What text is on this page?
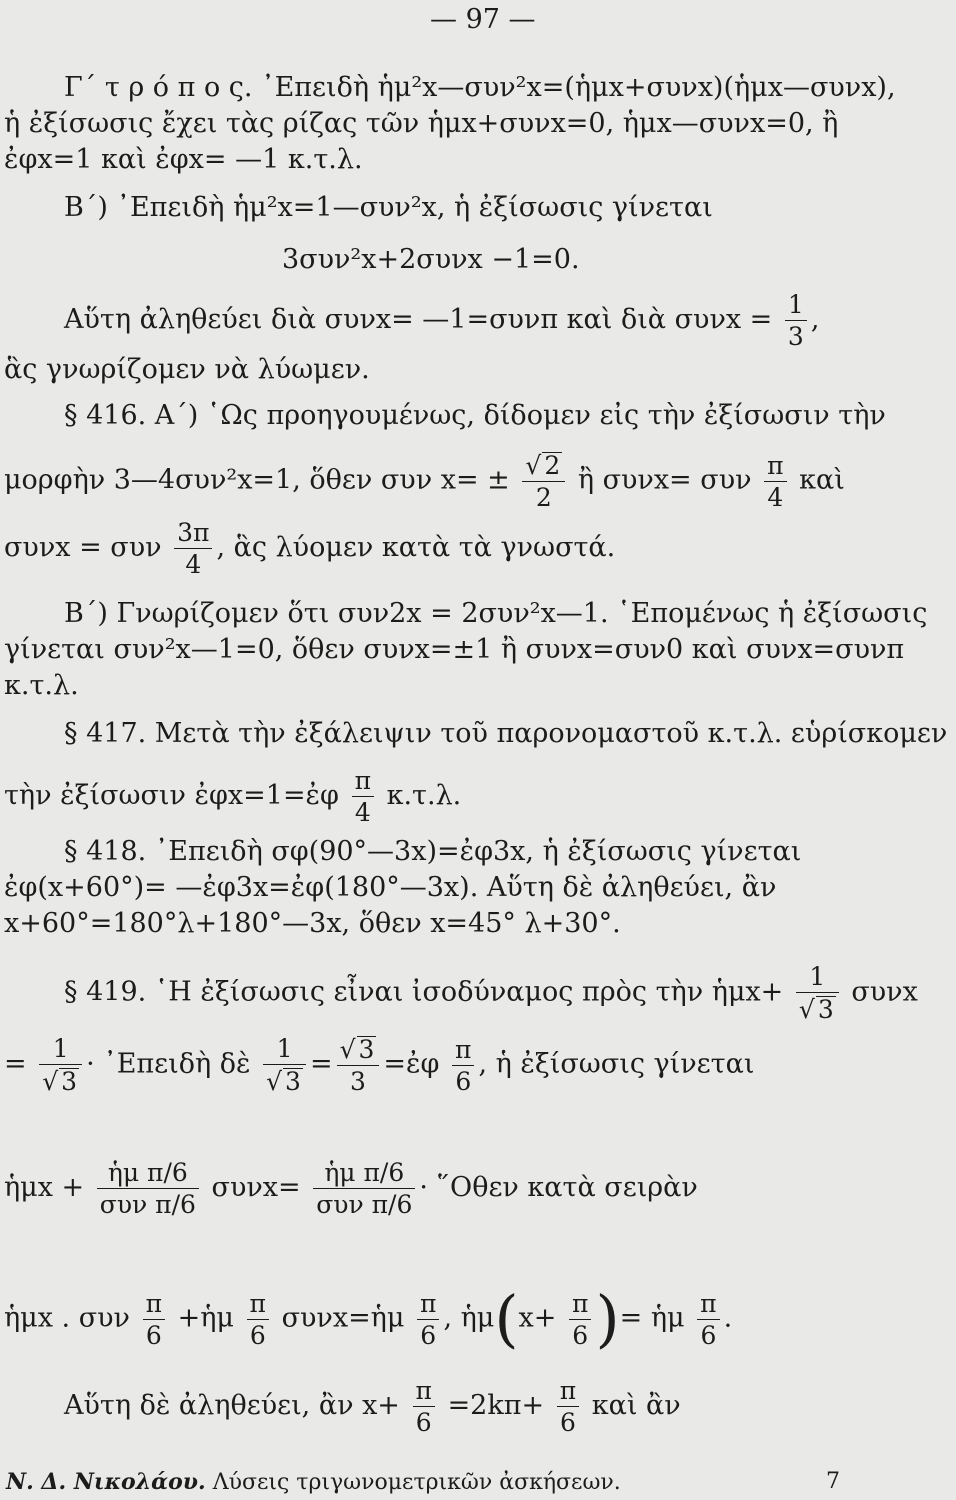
— 97 —
Γ΄ τ ρ ό π ο ς. ᾿Επειδὴ ἡμ²x—συν²x=(ἡμx+συνx)(ἡμx—συνx),
ἡ ἐξίσωσις ἔχει τὰς ρίζας τῶν ἡμx+συνx=0, ἡμx—συνx=0, ἢ
ἐφx=1 καὶ ἐφx= —1 κ.τ.λ.
Β΄) ᾿Επειδὴ ἡμ²x=1—συν²x, ἡ ἐξίσωσις γίνεται
3συν²x+2συνx −1=0.
Αὕτη ἀληθεύει διὰ συνx= —1=συνπ καὶ διὰ $\sigma\upsilon\nu x = \frac{1}{3}$ ,
ἃς γνωρίζομεν νὰ λύωμεν.
§ 416. Α΄) ῾Ως προηγουμένως, δίδομεν εἰς τὴν ἐξίσωσιν τὴν
μορφὴν 3—4συν²x=1, ὅθεν συν $x= \pm \frac{√ 2}{2}$ ἢ συνx= συν $\frac{\pi}{4}$ καὶ
συνx = συν $\frac{3\pi}{4}$ , ἃς λύομεν κατὰ τὰ γνωστά.
Β΄) Γνωρίζομεν ὅτι συν2x = 2συν²x—1. ῾Επομένως ἡ ἐξίσωσις
γίνεται συν²x—1=0, ὅθεν συνx=±1 ἢ συνx=συν0 καὶ συνx=συνπ
κ.τ.λ.
§ 417. Μετὰ τὴν ἐξάλειψιν τοῦ παρονομαστοῦ κ.τ.λ. εὑρίσκομεν
τὴν ἐξίσωσιν ἐφx=1=ἐφ $\frac{\pi}{4} \kappa.\tau.\lambda$.
§ 418. ᾿Επειδὴ σφ(90°—3x)=ἐφ3x, ἡ ἐξίσωσις γίνεται
ἐφ(x+60°)= —ἐφ3x=ἐφ(180°—3x). Αὕτη δὲ ἀληθεύει, ἂν
x+60°=180°λ+180°—3x, ὅθεν x=45° λ+30°.
§ 419. ῾Η ἐξίσωσις εἶναι ἰσοδύναμος πρὸς τὴν ἡμx+ $\frac{1}{√ 3}$ συνx
= $\frac{1}{√ 3}$ · ᾿Επειδὴ δὲ $\frac{1}{√ 3} = \frac{√ 3}{3}$ =ἐφ $\frac{\pi}{6}$ , ἡ ἐξίσωσις γίνεται
ἡμx + $\frac{\text{ἡμ π/6}}{\text{συν π/6}} \sigma\upsilon\nu x= \frac{\text{ἡμ π/6}}{\text{συν π/6}}$ · ῞Οθεν κατὰ σειρὰν
ἡμx . συν $\frac{\pi}{6}$ +ἡμ $\frac{\pi}{6}$ συνx=ἡμ $\frac{\pi}{6}$ , ἡμ(x+ $\frac{\pi}{6}$ )= ἡμ $\frac{\pi}{6}$ .
Αὕτη δὲ ἀληθεύει, ἂν $x+ \frac{\pi}{6} =2k\pi+ \frac{\pi}{6}$ καὶ ἂν
Ν. Δ. Νικολάου. Λύσεις τριγωνομετρικῶν ἀσκήσεων.	7
